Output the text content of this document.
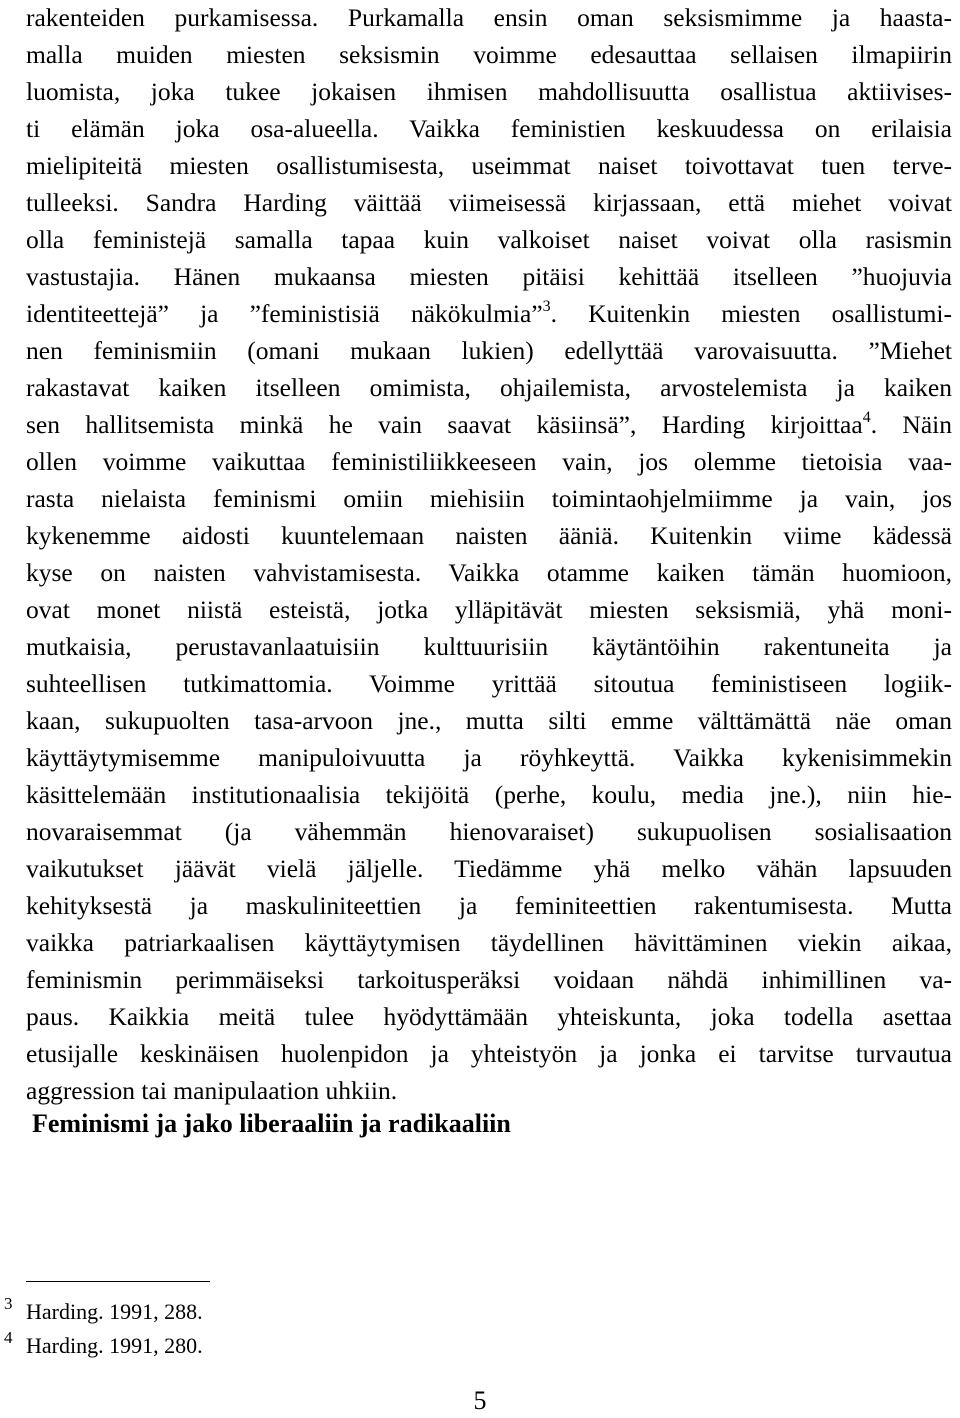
rakenteiden purkamisessa. Purkamalla ensin oman seksismimme ja haasta-
malla muiden miesten seksismin voimme edesauttaa sellaisen ilmapiirin
luomista, joka tukee jokaisen ihmisen mahdollisuutta osallistua aktiivises-
ti elämän joka osa-alueella. Vaikka feministien keskuudessa on erilaisia
mielipiteitä miesten osallistumisesta, useimmat naiset toivottavat tuen terve-
tulleeksi. Sandra Harding väittää viimeisessä kirjassaan, että miehet voivat
olla feministejä samalla tapaa kuin valkoiset naiset voivat olla rasismin
vastustajia. Hänen mukaansa miesten pitäisi kehittää itselleen ”huojuvia
identiteettejä” ja ”feministisiä näkökulmia”$^3$. Kuitenkin miesten osallistumi-
nen feminismiin (omani mukaan lukien) edellyttää varovaisuutta. ”Miehet
rakastavat kaiken itselleen omimista, ohjailemista, arvostelemista ja kaiken
sen hallitsemista minkä he vain saavat käsiinsä”, Harding kirjoittaa$^4$. Näin
ollen voimme vaikuttaa feministiliikkeeseen vain, jos olemme tietoisia vaa-
rasta nielaista feminismi omiin miehisiin toimintaohjelmiimme ja vain, jos
kykenemme aidosti kuuntelemaan naisten ääniä. Kuitenkin viime kädessä
kyse on naisten vahvistamisesta. Vaikka otamme kaiken tämän huomioon,
ovat monet niistä esteistä, jotka ylläpitävät miesten seksismiä, yhä moni-
mutkaisia, perustavanlaatuisiin kulttuurisiin käytäntöihin rakentuneita ja
suhteellisen tutkimattomia. Voimme yrittää sitoutua feministiseen logiik-
kaan, sukupuolten tasa-arvoon jne., mutta silti emme välttämättä näe oman
käyttäytymisemme manipuloivuutta ja röyhkeyttä. Vaikka kykenisimmekin
käsittelemään institutionaalisia tekijöitä (perhe, koulu, media jne.), niin hie-
novaraisemmat (ja vähemmän hienovaraiset) sukupuolisen sosialisaation
vaikutukset jäävät vielä jäljelle. Tiedämme yhä melko vähän lapsuuden
kehityksestä ja maskuliniteettien ja feminiteettien rakentumisesta. Mutta
vaikka patriarkaalisen käyttäytymisen täydellinen hävittäminen viekin aikaa,
feminismin perimmäiseksi tarkoitusperäksi voidaan nähdä inhimillinen va-
paus. Kaikkia meitä tulee hyödyttämään yhteiskunta, joka todella asettaa
etusijalle keskinäisen huolenpidon ja yhteistyön ja jonka ei tarvitse turvautua
aggression tai manipulaation uhkiin.
Feminismi ja jako liberaaliin ja radikaaliin
3 Harding. 1991, 288.
4 Harding. 1991, 280.
5
